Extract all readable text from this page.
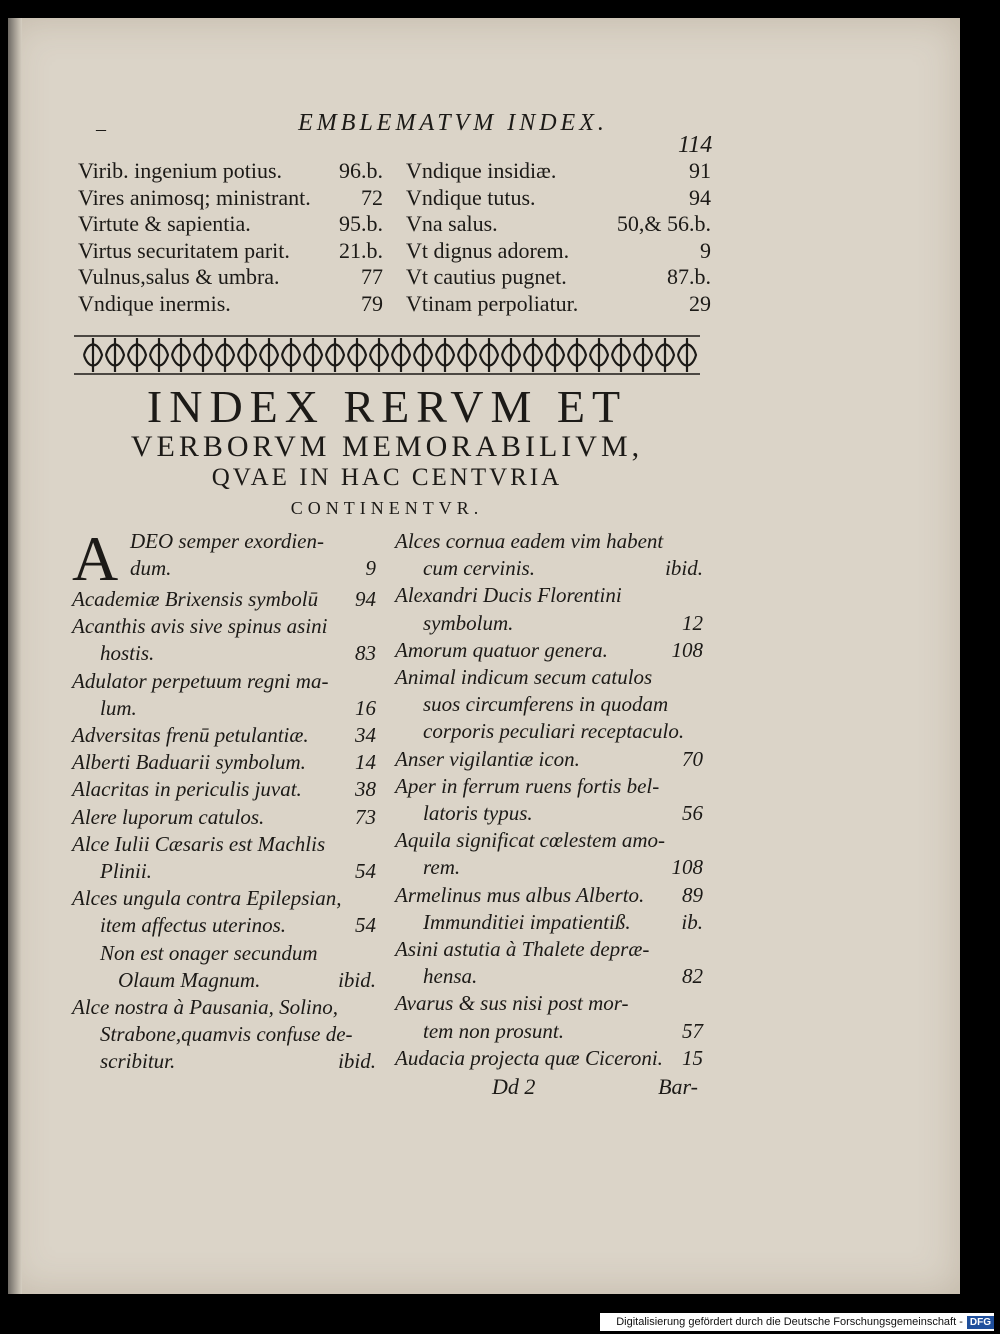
–	EMBLEMATVM INDEX.
114
Virib. ingenium potius.	96.b.
Vires animosq; ministrant. 72
Virtute & sapientia.	95.b.
Virtus securitatem parit. 21.b.
Vulnus,salus & umbra.	77
Vndique inermis.	79
Vndique insidiæ.	91
Vndique tutus.	94
Vna salus.	50,& 56.b.
Vt dignus adorem.	9
Vt cautius pugnet.	87.b.
Vtinam perpoliatur.	29
INDEX RERVM ET
VERBORVM MEMORABILIVM,
QVAE IN HAC CENTVRIA
CONTINENTVR.
A DEO semper exordien-
dum.	9
Academiæ Brixensis symbolū 94
Acanthis avis sive spinus asini
hostis.	83
Adulator perpetuum regni ma-
lum.	16
Adversitas frenū petulantiæ. 34
Alberti Baduarii symbolum. 14
Alacritas in periculis juvat.	38
Alere luporum catulos.	73
Alce Iulii Cæsaris est Machlis
Plinii.	54
Alces ungula contra Epilepsian,
item affectus uterinos.	54
Non est onager secundum
Olaum Magnum.	ibid.
Alce nostra à Pausania, Solino,
Strabone,quamvis confuse de-
scribitur.	ibid.
Alces cornua eadem vim habent
cum cervinis.	ibid.
Alexandri Ducis Florentini
symbolum.	12
Amorum quatuor genera.	108
Animal indicum secum catulos
suos circumferens in quodam
corporis peculiari receptaculo.
Anser vigilantiæ icon.	70
Aper in ferrum ruens fortis bel-
latoris typus.	56
Aquila significat cœlestem amo-
rem.	108
Armelinus mus albus Alberto. 89
Immunditiei impatientiß. ib.
Asini astutia à Thalete depræ-
hensa.	82
Avarus & sus nisi post mor-
tem non prosunt.	57
Audacia projecta quæ Ciceroni. 15
Dd 2	Bar-
Digitalisierung gefördert durch die Deutsche Forschungsgemeinschaft - DFG
